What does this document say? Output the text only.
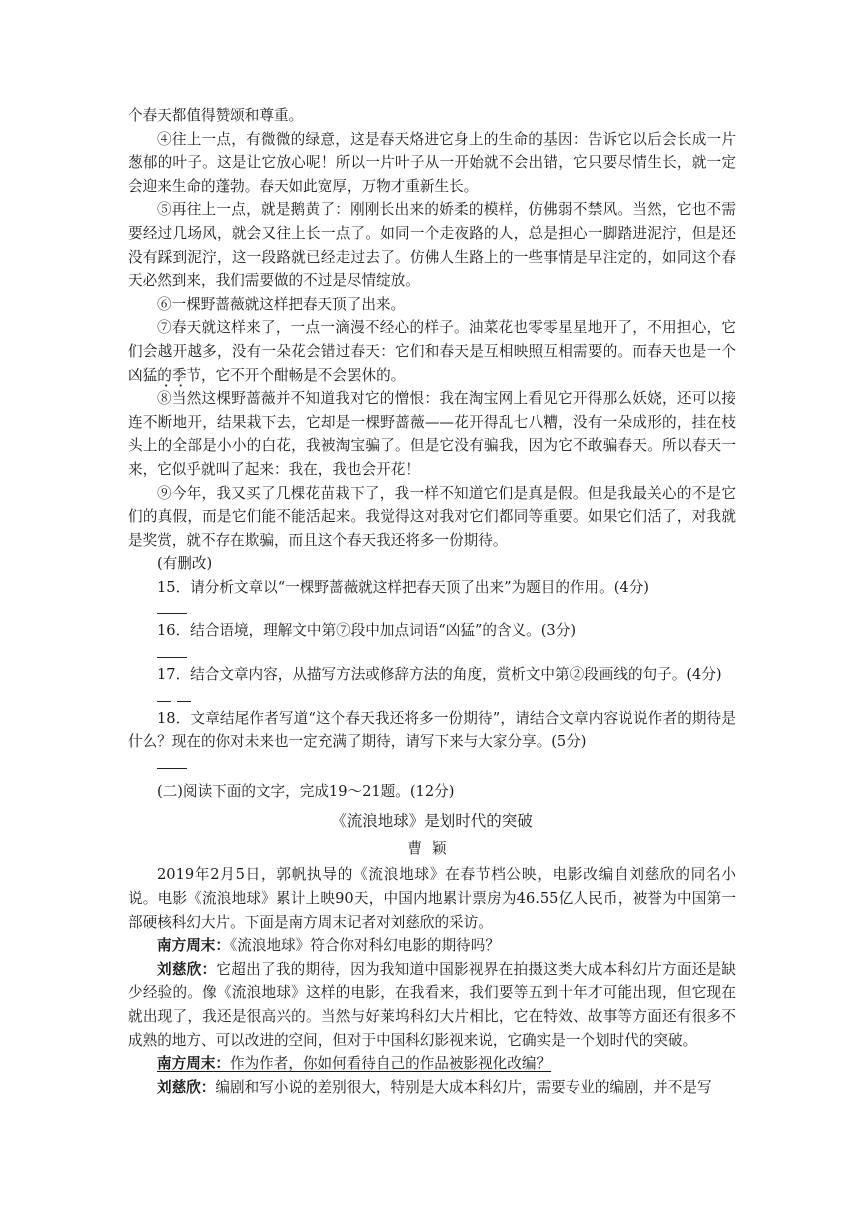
个春天都值得赞颂和尊重。

④往上一点，有微微的绿意，这是春天烙进它身上的生命的基因：告诉它以后会长成一片葱郁的叶子。这是让它放心呢！所以一片叶子从一开始就不会出错，它只要尽情生长，就一定会迎来生命的蓬勃。春天如此宽厚，万物才重新生长。

⑤再往上一点，就是鹅黄了：刚刚长出来的娇柔的模样，仿佛弱不禁风。当然，它也不需要经过几场风，就会又往上长一点了。如同一个走夜路的人，总是担心一脚踏进泥泞，但是还没有踩到泥泞，这一段路就已经走过去了。仿佛人生路上的一些事情是早注定的，如同这个春天必然到来，我们需要做的不过是尽情绽放。

⑥一棵野蔷薇就这样把春天顶了出来。

⑦春天就这样来了，一点一滴漫不经心的样子。油菜花也零零星星地开了，不用担心，它们会越开越多，没有一朵花会错过春天：它们和春天是互相映照互相需要的。而春天也是一个凶 ·猛 ·的季节，它不开个酣畅是不会罢休的。

⑧当然这棵野蔷薇并不知道我对它的憎恨：我在淘宝网上看见它开得那么妖娆，还可以接连不断地开，结果栽下去，它却是一棵野蔷薇——花开得乱七八糟，没有一朵成形的，挂在枝头上的全部是小小的白花，我被淘宝骗了。但是它没有骗我，因为它不敢骗春天。所以春天一来，它似乎就叫了起来：我在，我也会开花！

⑨今年，我又买了几棵花苗栽下了，我一样不知道它们是真是假。但是我最关心的不是它们的真假，而是它们能不能活起来。我觉得这对我对它们都同等重要。如果它们活了，对我就是奖赏，就不存在欺骗，而且这个春天我还将多一份期待。

(有删改)

15．请分析文章以“一棵野蔷薇就这样把春天顶了出来”为题目的作用。(4分)

16．结合语境，理解文中第⑦段中加点词语“凶猛”的含义。(3分)

17．结合文章内容，从描写方法或修辞方法的角度，赏析文中第②段画线的句子。(4分)

18．文章结尾作者写道“这个春天我还将多一份期待”，请结合文章内容说说作者的期待是什么？现在的你对未来也一定充满了期待，请写下来与大家分享。(5分)

(二)阅读下面的文字，完成19～21题。(12分)

《流浪地球》是划时代的突破
曹颖

2019年2月5日，郭帆执导的《流浪地球》在春节档公映，电影改编自刘慈欣的同名小说。电影《流浪地球》累计上映90天，中国内地累计票房为46.55亿人民币，被誉为中国第一部硬核科幻大片。下面是南方周末记者对刘慈欣的采访。

南方周末：《流浪地球》符合你对科幻电影的期待吗？

刘慈欣：它超出了我的期待，因为我知道中国影视界在拍摄这类大成本科幻片方面还是缺少经验的。像《流浪地球》这样的电影，在我看来，我们要等五到十年才可能出现，但它现在就出现了，我还是很高兴的。当然与好莱坞科幻大片相比，它在特效、故事等方面还有很多不成熟的地方、可以改进的空间，但对于中国科幻影视来说，它确实是一个划时代的突破。

南方周末：作为作者，你如何看待自己的作品被影视化改编？

刘慈欣：编剧和写小说的差别很大，特别是大成本科幻片，需要专业的编剧，并不是写
